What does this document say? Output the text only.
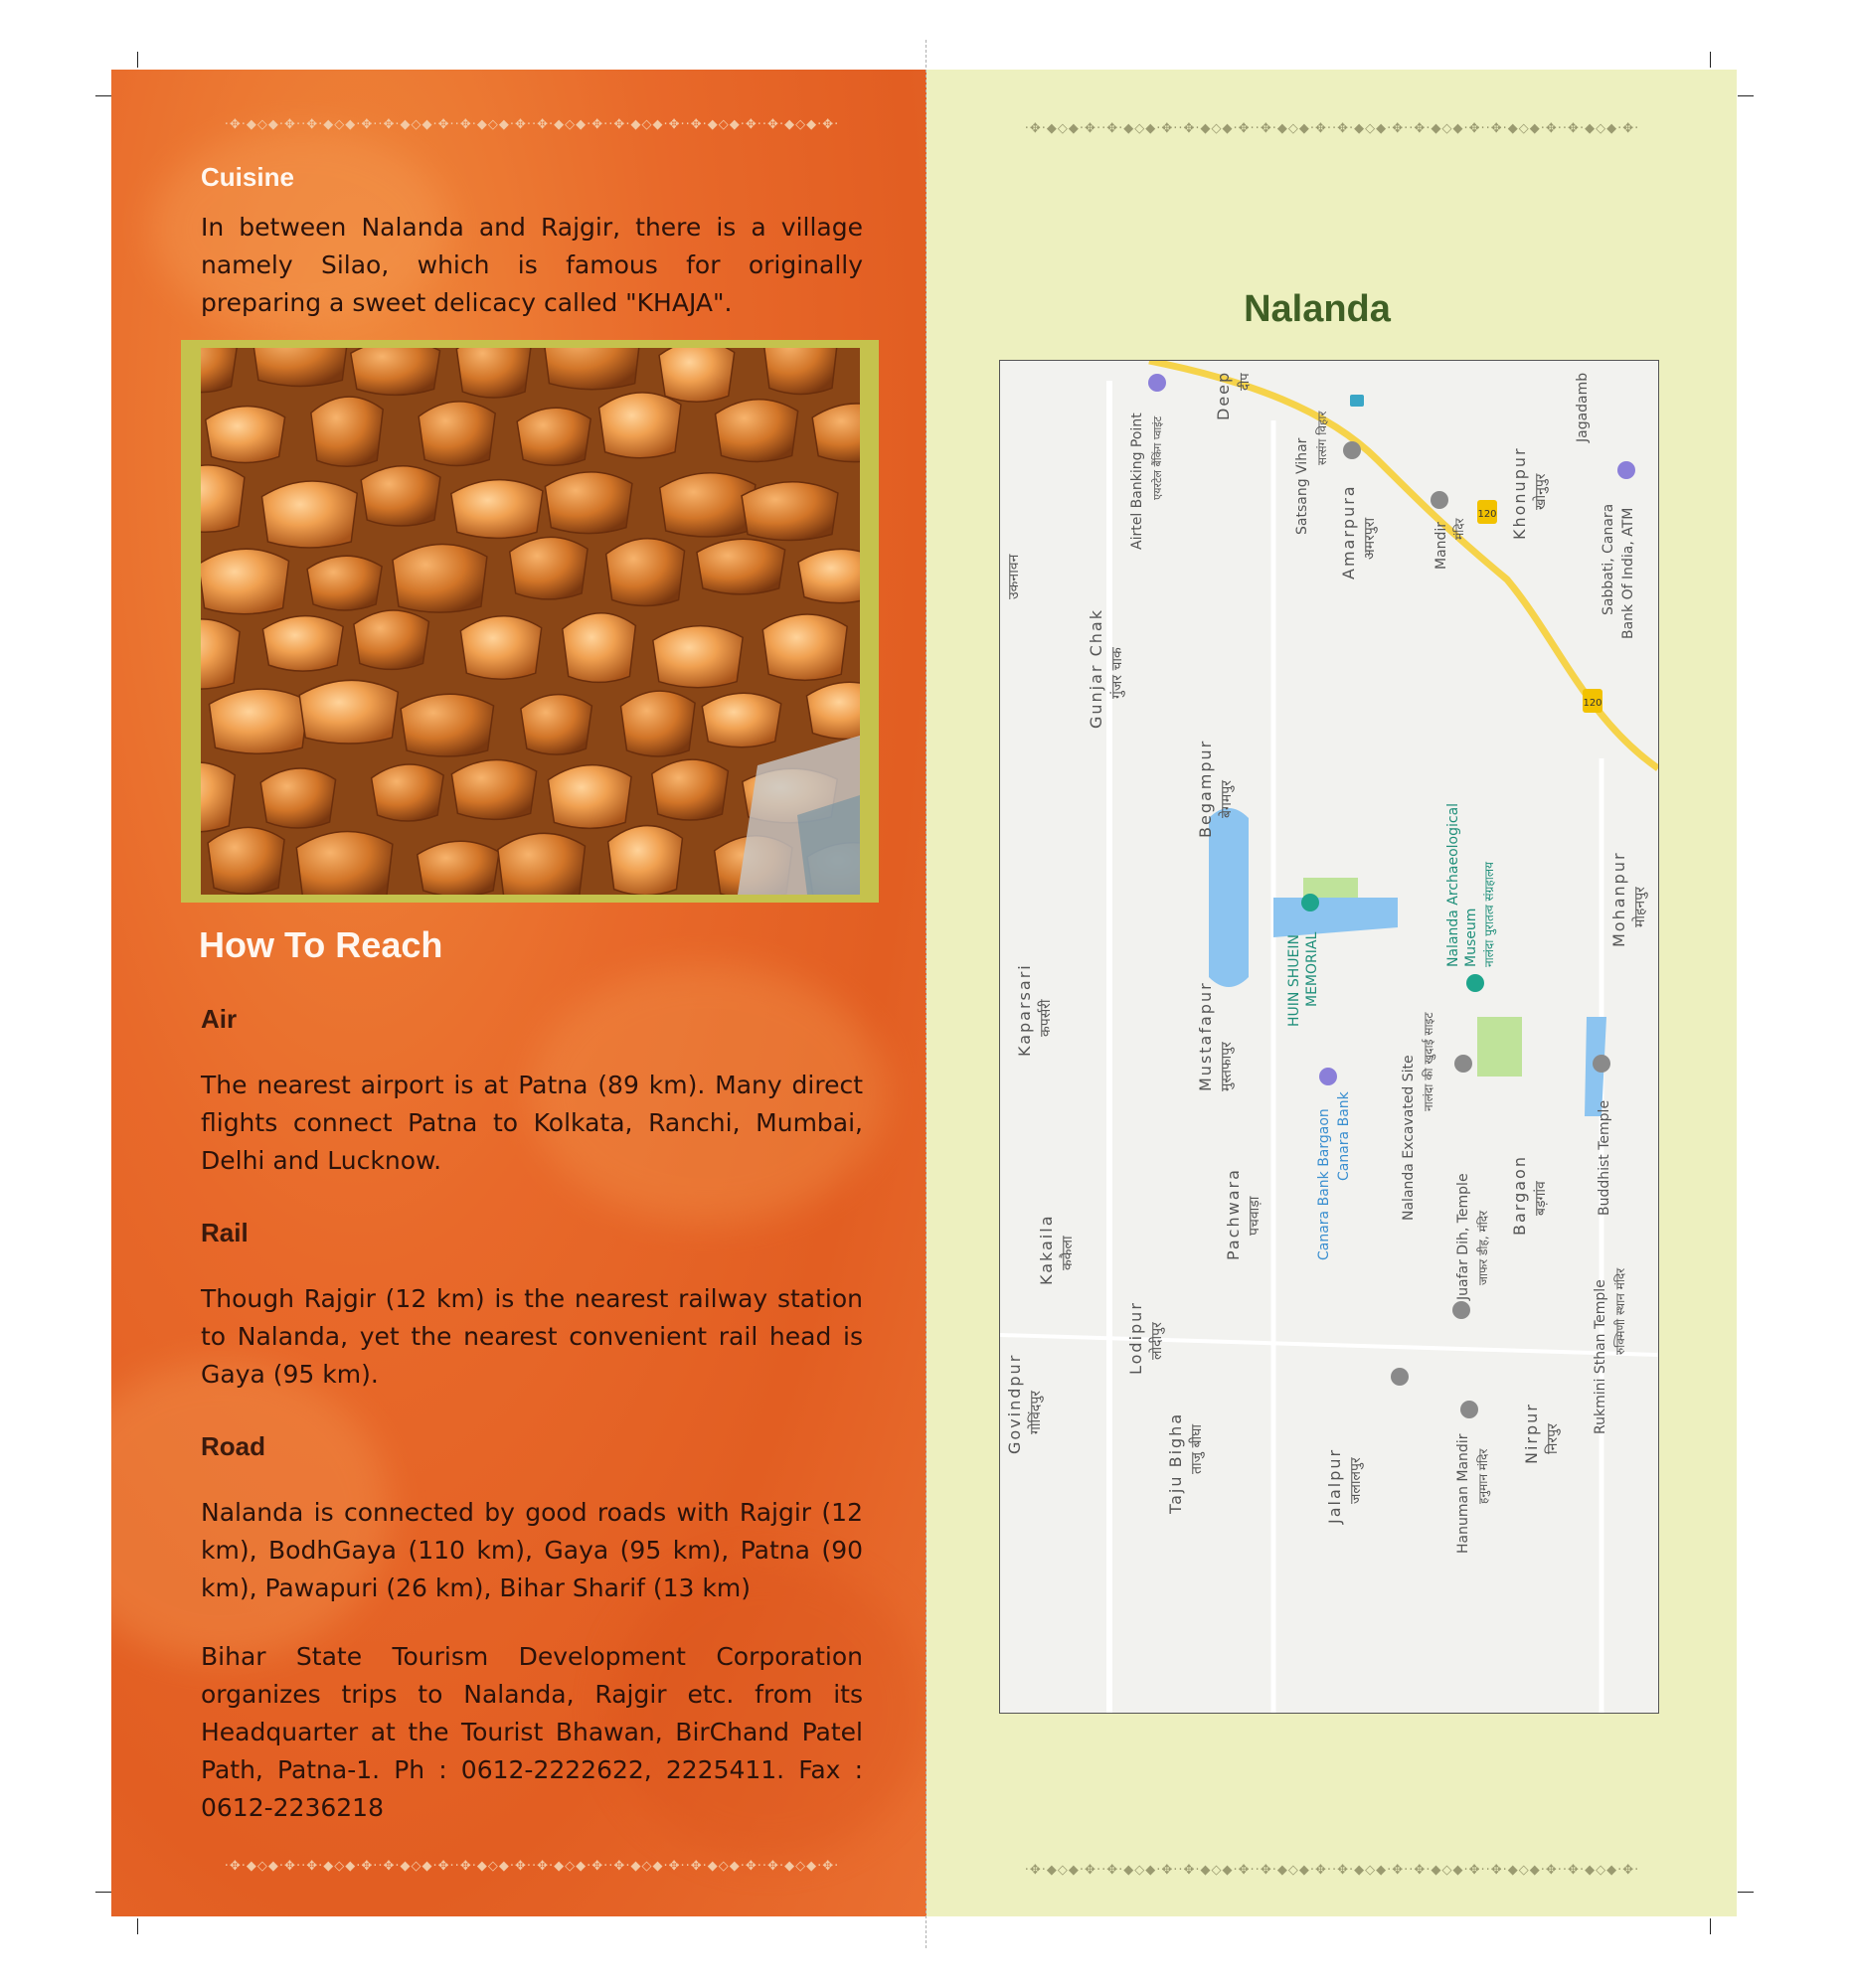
·✥·◆◇◆·✥··✥·◆◇◆·✥··✥·◆◇◆·✥··✥·◆◇◆·✥··✥·◆◇◆·✥··✥·◆◇◆·✥··✥·◆◇◆·✥··✥·◆◇◆·✥·
·✥·◆◇◆·✥··✥·◆◇◆·✥··✥·◆◇◆·✥··✥·◆◇◆·✥··✥·◆◇◆·✥··✥·◆◇◆·✥··✥·◆◇◆·✥··✥·◆◇◆·✥·
·✥·◆◇◆·✥··✥·◆◇◆·✥··✥·◆◇◆·✥··✥·◆◇◆·✥··✥·◆◇◆·✥··✥·◆◇◆·✥··✥·◆◇◆·✥··✥·◆◇◆·✥·
·✥·◆◇◆·✥··✥·◆◇◆·✥··✥·◆◇◆·✥··✥·◆◇◆·✥··✥·◆◇◆·✥··✥·◆◇◆·✥··✥·◆◇◆·✥··✥·◆◇◆·✥·
Cuisine
In between Nalanda and Rajgir, there is a village namely Silao, which is famous for originally preparing a sweet delicacy called "KHAJA".
How To Reach
Air
The nearest airport is at Patna (89 km). Many direct flights connect Patna to Kolkata, Ranchi, Mumbai, Delhi and Lucknow.
Rail
Though Rajgir (12 km) is the nearest railway station to Nalanda, yet the nearest convenient rail head is Gaya (95 km).
Road
Nalanda is connected by good roads with Rajgir (12 km), BodhGaya (110 km), Gaya (95 km), Patna (90 km), Pawapuri (26 km), Bihar Sharif (13 km)
Bihar State Tourism Development Corporation organizes trips to Nalanda, Rajgir etc. from its Headquarter at the Tourist Bhawan, BirChand Patel Path, Patna-1. Ph : 0612-2222622, 2225411. Fax : 0612-2236218
Nalanda
120
120
Airtel Banking Point एयरटेल बैंकिंग प्वाइंट
Deep दीप
Satsang Vihar सत्संग विहार
Amarpura अमरपुरा	Mandir मंदिर	Khonupur खोनुपुर
Jagadamb
Sabbati, Canara Bank Of India, ATM
उकनावन
Gunjar Chak गुंजर चाक
Begampur बेगमपुर
HUIN SHUEIN MEMORIAL
Nalanda Archaeological Museum नालंदा पुरातत्व संग्रहालय	Mohanpur मोहनपुर
Kaparsari कपर्सरी	Mustafapur मुस्तफापुर	Nalanda Excavated Site नालंदा की खुदाई साइट
Canara Bank Bargaon Canara Bank	Buddhist Temple
Pachwara पचवाड़ा	Juafar Dih, Temple जाफर डीह, मंदिर
Bargaon बड़गांव
Kakaila ककैला
Rukmini Sthan Temple रुक्मिणी स्थान मंदिर
Lodipur लोदीपुर
Govindpur गोविंदपुर	Taju Bigha ताजु बीघा	Jalalpur जलालपुर	Hanuman Mandir हनुमान मंदिर
Nirpur निरपुर
